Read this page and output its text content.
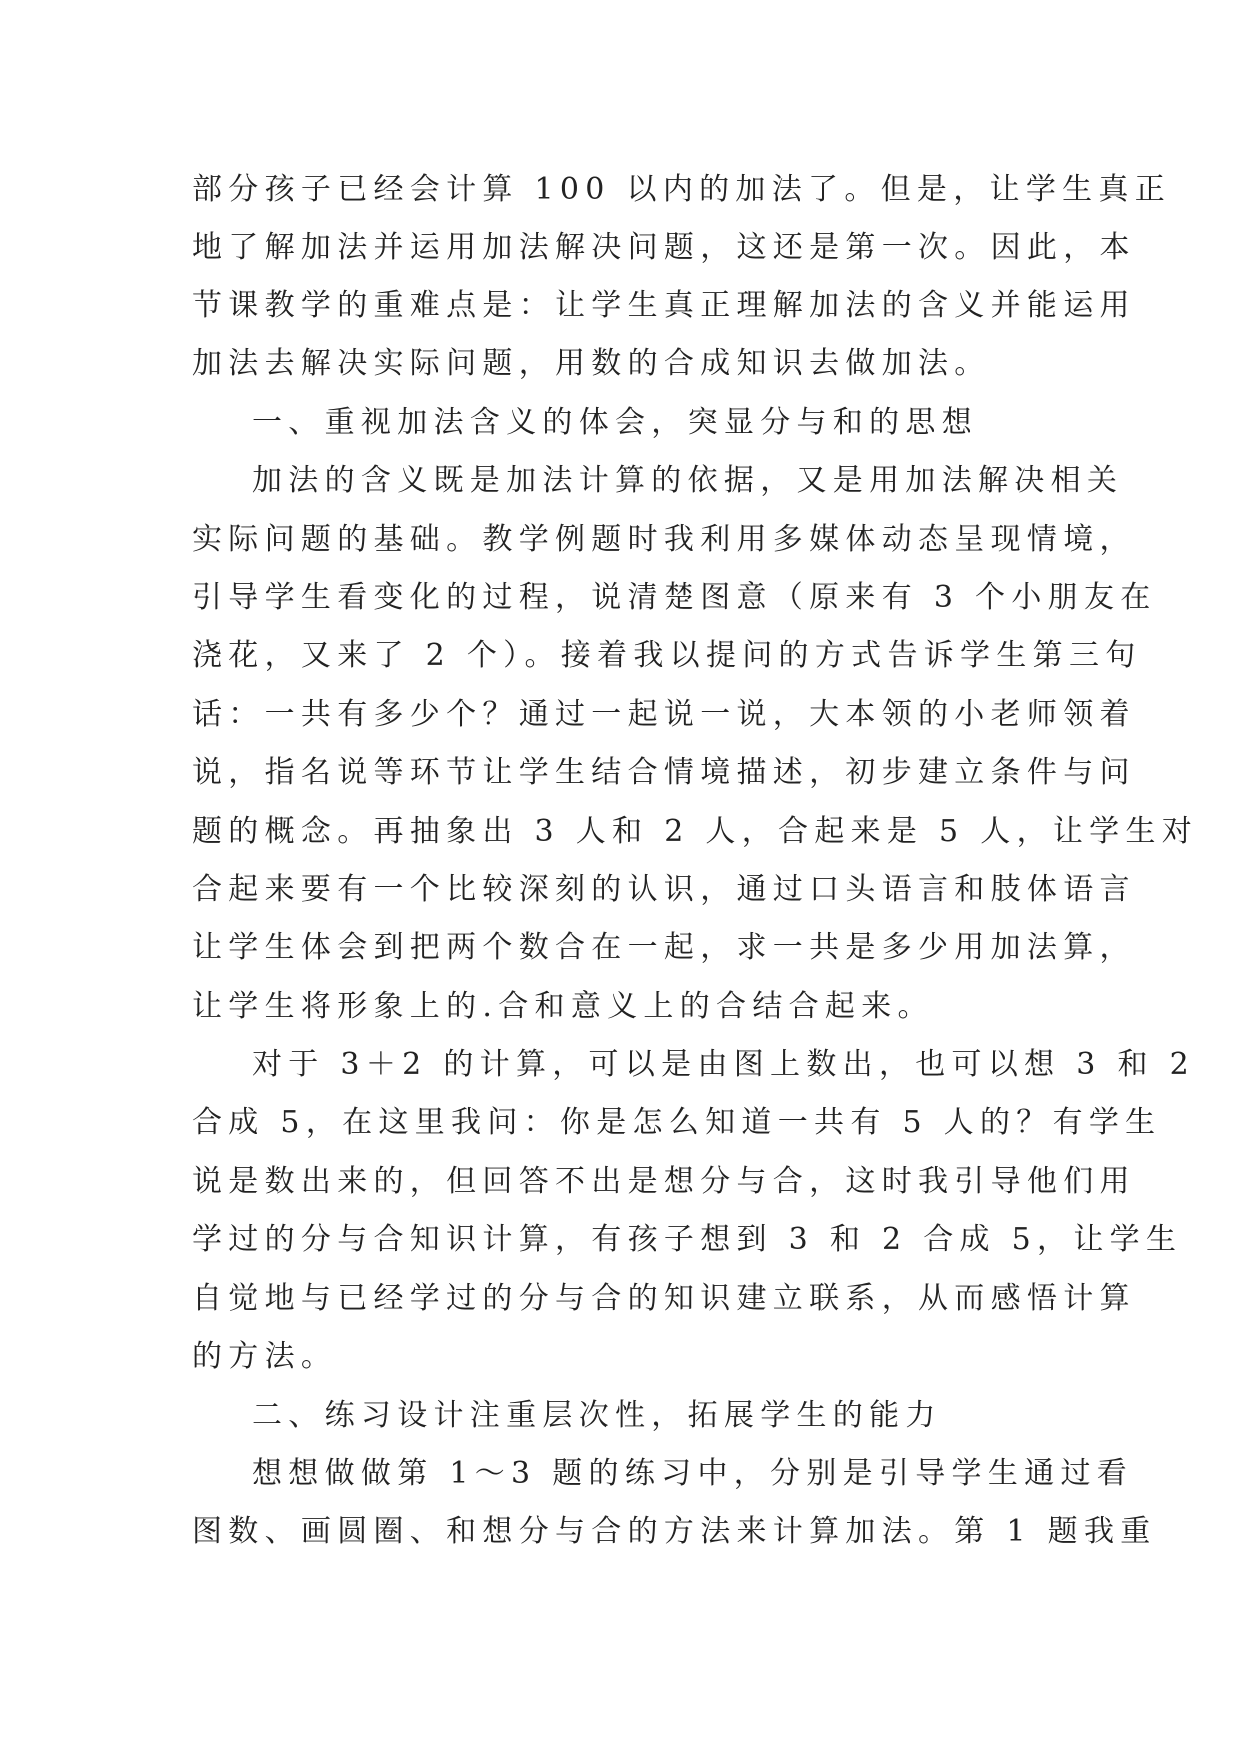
部分孩子已经会计算 100 以内的加法了。但是，让学生真正
地了解加法并运用加法解决问题，这还是第一次。因此，本
节课教学的重难点是：让学生真正理解加法的含义并能运用
加法去解决实际问题，用数的合成知识去做加法。
一、重视加法含义的体会，突显分与和的思想
加法的含义既是加法计算的依据，又是用加法解决相关
实际问题的基础。教学例题时我利用多媒体动态呈现情境，
引导学生看变化的过程，说清楚图意（原来有 3 个小朋友在
浇花，又来了 2 个）。接着我以提问的方式告诉学生第三句
话：一共有多少个？通过一起说一说，大本领的小老师领着
说，指名说等环节让学生结合情境描述，初步建立条件与问
题的概念。再抽象出 3 人和 2 人，合起来是 5 人，让学生对
合起来要有一个比较深刻的认识，通过口头语言和肢体语言
让学生体会到把两个数合在一起，求一共是多少用加法算，
让学生将形象上的.合和意义上的合结合起来。
对于 3＋2 的计算，可以是由图上数出，也可以想 3 和 2
合成 5，在这里我问：你是怎么知道一共有 5 人的？有学生
说是数出来的，但回答不出是想分与合，这时我引导他们用
学过的分与合知识计算，有孩子想到 3 和 2 合成 5，让学生
自觉地与已经学过的分与合的知识建立联系，从而感悟计算
的方法。
二、练习设计注重层次性，拓展学生的能力
想想做做第 1～3 题的练习中，分别是引导学生通过看
图数、画圆圈、和想分与合的方法来计算加法。第 1 题我重
